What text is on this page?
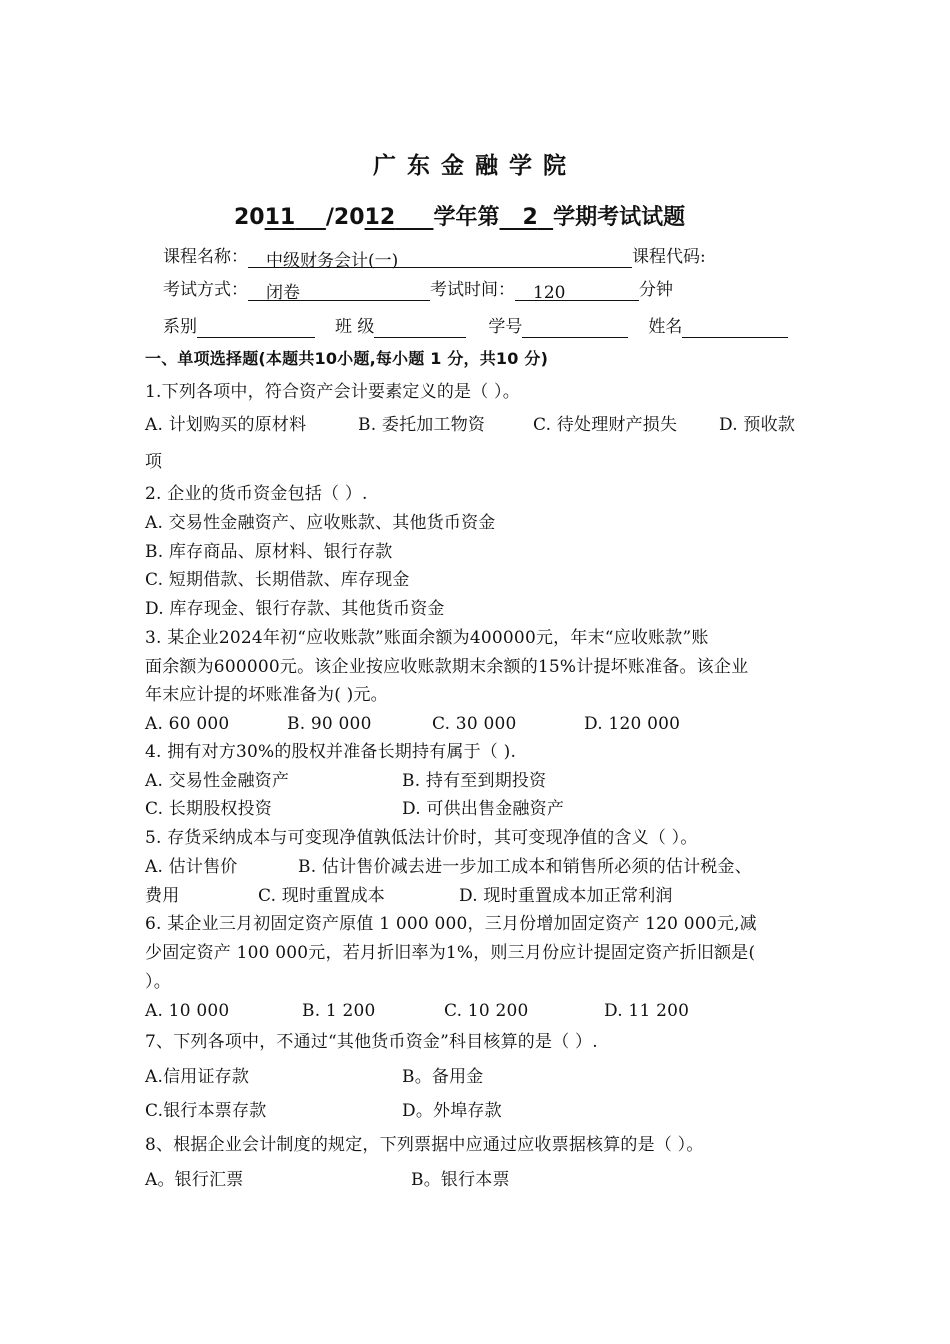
广东金融学院
2011 /2012 学年第 2 学期考试试题
课程名称： 中级财务会计(一)	课程代码:
考试方式： 闭卷	考试时间： 120	分钟
系别	班 级	学号	姓名
一、单项选择题(本题共10小题,每小题 1 分，共10 分)
1.下列各项中，符合资产会计要素定义的是（ ）。
A. 计划购买的原材料	B. 委托加工物资	C. 待处理财产损失 D. 预收款
项
2. 企业的货币资金包括（ ）.
A. 交易性金融资产、应收账款、其他货币资金
B. 库存商品、原材料、银行存款
C. 短期借款、长期借款、库存现金
D. 库存现金、银行存款、其他货币资金
3. 某企业2024年初“应收账款”账面余额为400000元，年末“应收账款”账
面余额为600000元。该企业按应收账款期末余额的15%计提坏账准备。该企业
年末应计提的坏账准备为( )元。
A. 60 000	B. 90 000	C. 30 000	D. 120 000
4. 拥有对方30%的股权并准备长期持有属于（ ).
A. 交易性金融资产	B. 持有至到期投资
C. 长期股权投资	D. 可供出售金融资产
5. 存货采纳成本与可变现净值孰低法计价时，其可变现净值的含义（ ）。
A. 估计售价	B. 估计售价减去进一步加工成本和销售所必须的估计税金、
费用	C. 现时重置成本	D. 现时重置成本加正常利润
6. 某企业三月初固定资产原值 1 000 000，三月份增加固定资产 120 000元,减
少固定资产 100 000元，若月折旧率为1%，则三月份应计提固定资产折旧额是(
）。
A. 10 000	B. 1 200	C. 10 200	D. 11 200
7、下列各项中，不通过“其他货币资金”科目核算的是（ ）.
A.信用证存款	B。备用金
C.银行本票存款	D。外埠存款
8、根据企业会计制度的规定，下列票据中应通过应收票据核算的是（ ）。
A。银行汇票	B。银行本票
